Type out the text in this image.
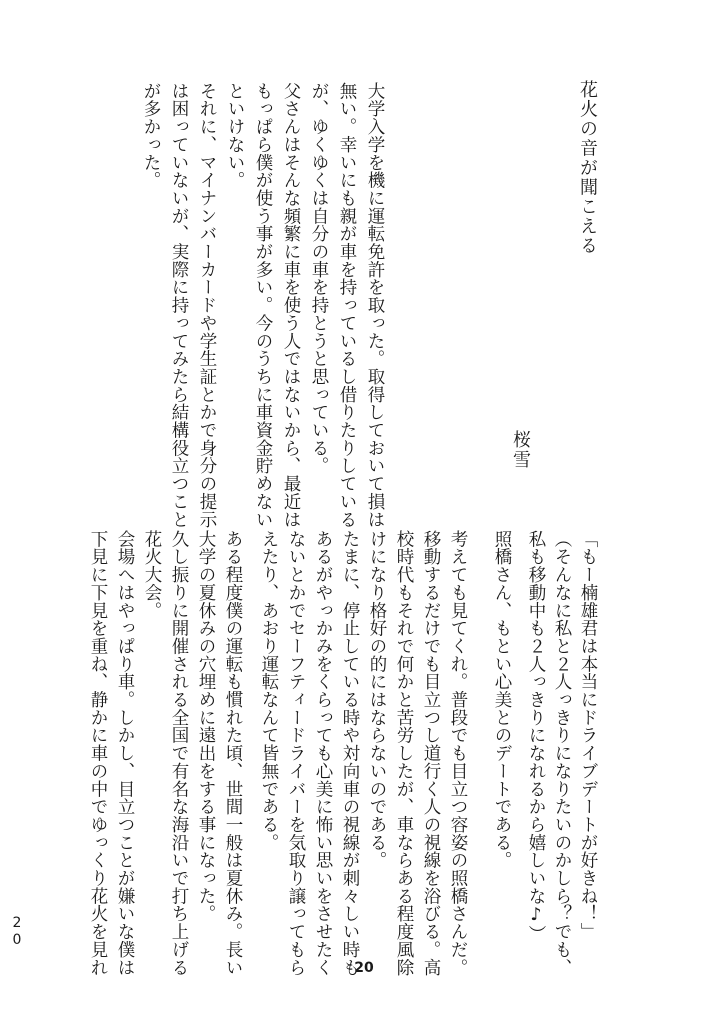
花火の音が聞こえる
桜雪
大学入学を機に運転免許を取った。取得しておいて損は
無い。幸いにも親が車を持っているし借りたりしている
が、ゆくゆくは自分の車を持とうと思っている。
父さんはそんな頻繁に車を使う人ではないから、最近は
もっぱら僕が使う事が多い。今のうちに車資金貯めない
といけない。
それに、マイナンバーカードや学生証とかで身分の提示
は困っていないが、実際に持ってみたら結構役立つこと
が多かった。
「もー楠雄君は本当にドライブデートが好きね！」
（そんなに私と２人っきりになりたいのかしら？でも、
私も移動中も２人っきりになれるから嬉しいな♪）
照橋さん、もとい心美とのデートである。
考えても見てくれ。普段でも目立つ容姿の照橋さんだ。
移動するだけでも目立つし道行く人の視線を浴びる。高
校時代もそれで何かと苦労したが、車ならある程度風除
けになり格好の的にはならないのである。
たまに、停止している時や対向車の視線が刺々しい時も
あるがやっかみをくらっても心美に怖い思いをさせたく
ないとかでセーフティードライバーを気取り譲ってもら
えたり、あおり運転なんて皆無である。
ある程度僕の運転も慣れた頃、世間一般は夏休み。長い
大学の夏休みの穴埋めに遠出をする事になった。
久し振りに開催される全国で有名な海沿いで打ち上げる
花火大会。
会場へはやっぱり車。しかし、目立つことが嫌いな僕は
下見に下見を重ね、静かに車の中でゆっくり花火を見れ
20
20
